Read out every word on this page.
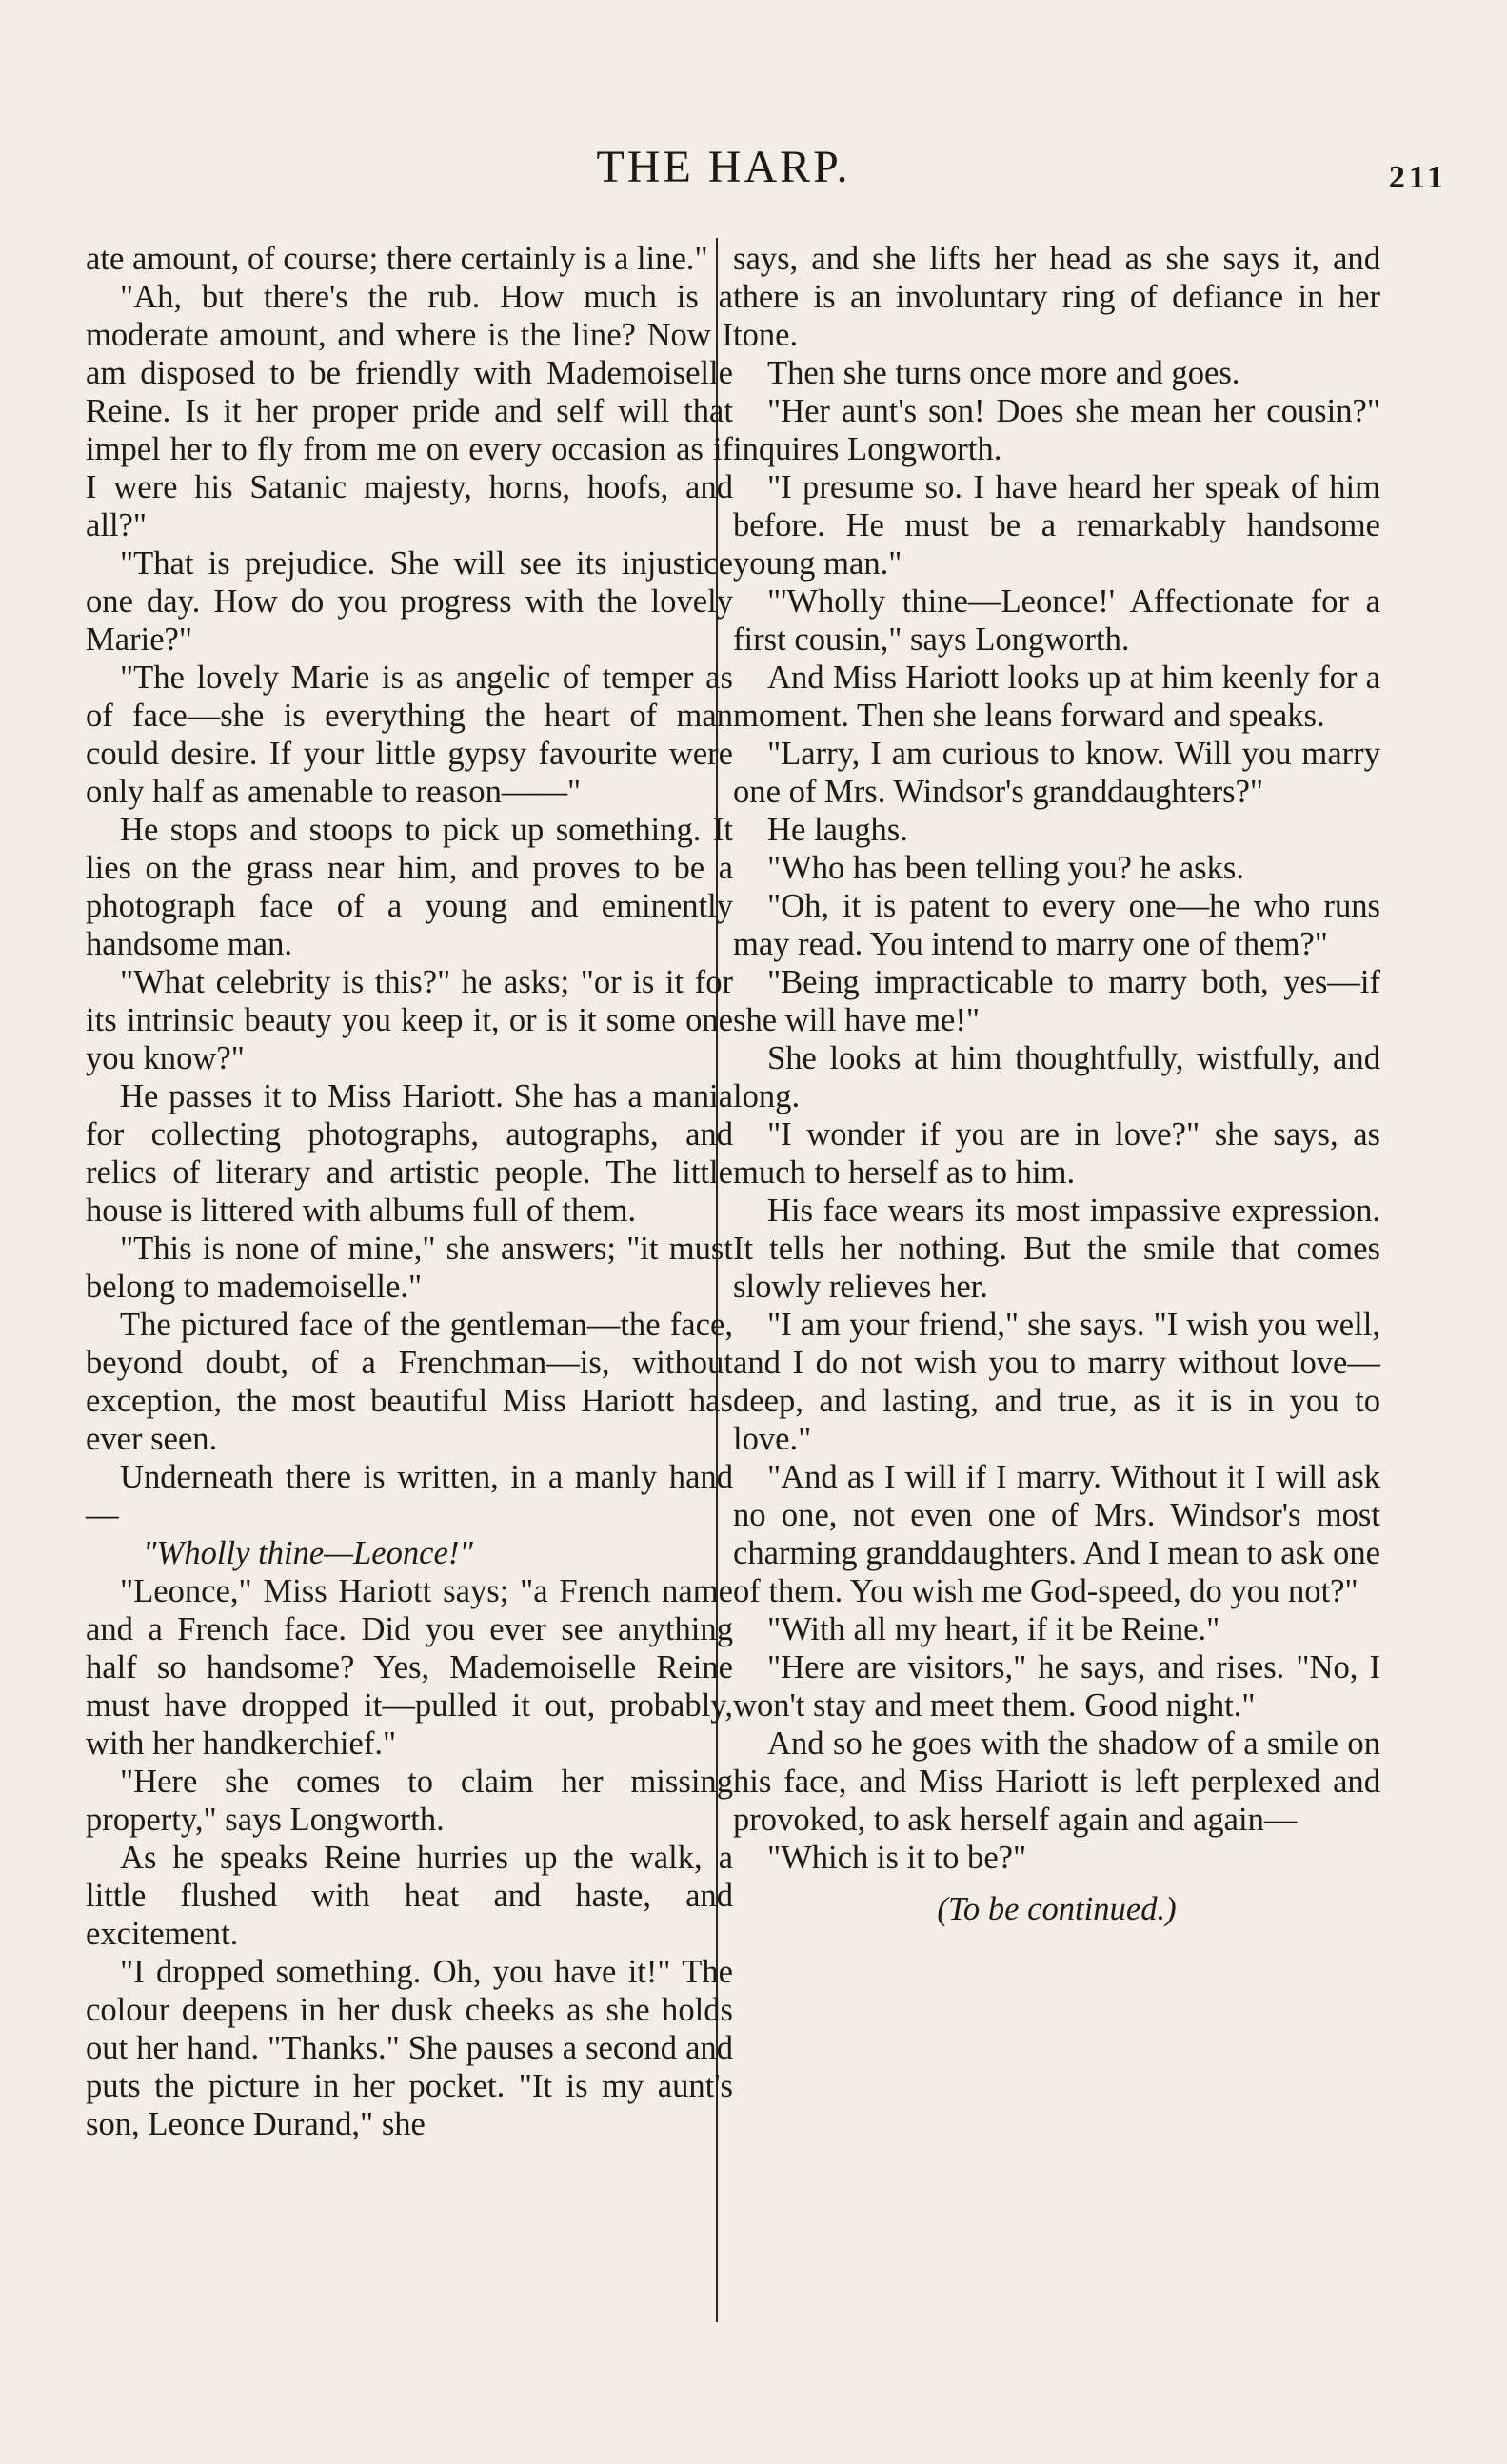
THE HARP.	211

ate amount, of course; there certainly is a line."

"Ah, but there's the rub. How much is a moderate amount, and where is the line? Now I am disposed to be friendly with Mademoiselle Reine. Is it her proper pride and self will that impel her to fly from me on every occasion as if I were his Satanic majesty, horns, hoofs, and all?"

"That is prejudice. She will see its injustice one day. How do you progress with the lovely Marie?"

"The lovely Marie is as angelic of temper as of face—she is everything the heart of man could desire. If your little gypsy favourite were only half as amenable to reason——"

He stops and stoops to pick up something. It lies on the grass near him, and proves to be a photograph face of a young and eminently handsome man.

"What celebrity is this?" he asks; "or is it for its intrinsic beauty you keep it, or is it some one you know?"

He passes it to Miss Hariott. She has a mania for collecting photographs, autographs, and relics of literary and artistic people. The little house is littered with albums full of them.

"This is none of mine," she answers; "it must belong to mademoiselle."

The pictured face of the gentleman—the face, beyond doubt, of a Frenchman—is, without exception, the most beautiful Miss Hariott has ever seen.

Underneath there is written, in a manly hand—

"Wholly thine—Leonce!"

"Leonce," Miss Hariott says; "a French name and a French face. Did you ever see anything half so handsome? Yes, Mademoiselle Reine must have dropped it—pulled it out, probably, with her handkerchief."

"Here she comes to claim her missing property," says Longworth.

As he speaks Reine hurries up the walk, a little flushed with heat and haste, and excitement.

"I dropped something. Oh, you have it!" The colour deepens in her dusk cheeks as she holds out her hand. "Thanks." She pauses a second and puts the picture in her pocket. "It is my aunt's son, Leonce Durand," she

says, and she lifts her head as she says it, and there is an involuntary ring of defiance in her tone.

Then she turns once more and goes.

"Her aunt's son! Does she mean her cousin?" inquires Longworth.

"I presume so. I have heard her speak of him before. He must be a remarkably handsome young man."

"'Wholly thine—Leonce!' Affectionate for a first cousin," says Longworth.

And Miss Hariott looks up at him keenly for a moment. Then she leans forward and speaks.

"Larry, I am curious to know. Will you marry one of Mrs. Windsor's granddaughters?"

He laughs.

"Who has been telling you? he asks.

"Oh, it is patent to every one—he who runs may read. You intend to marry one of them?"

"Being impracticable to marry both, yes—if she will have me!"

She looks at him thoughtfully, wistfully, and long.

"I wonder if you are in love?" she says, as much to herself as to him.

His face wears its most impassive expression. It tells her nothing. But the smile that comes slowly relieves her.

"I am your friend," she says. "I wish you well, and I do not wish you to marry without love—deep, and lasting, and true, as it is in you to love."

"And as I will if I marry. Without it I will ask no one, not even one of Mrs. Windsor's most charming granddaughters. And I mean to ask one of them. You wish me God-speed, do you not?"

"With all my heart, if it be Reine."

"Here are visitors," he says, and rises. "No, I won't stay and meet them. Good night."

And so he goes with the shadow of a smile on his face, and Miss Hariott is left perplexed and provoked, to ask herself again and again—

"Which is it to be?"

(To be continued.)
